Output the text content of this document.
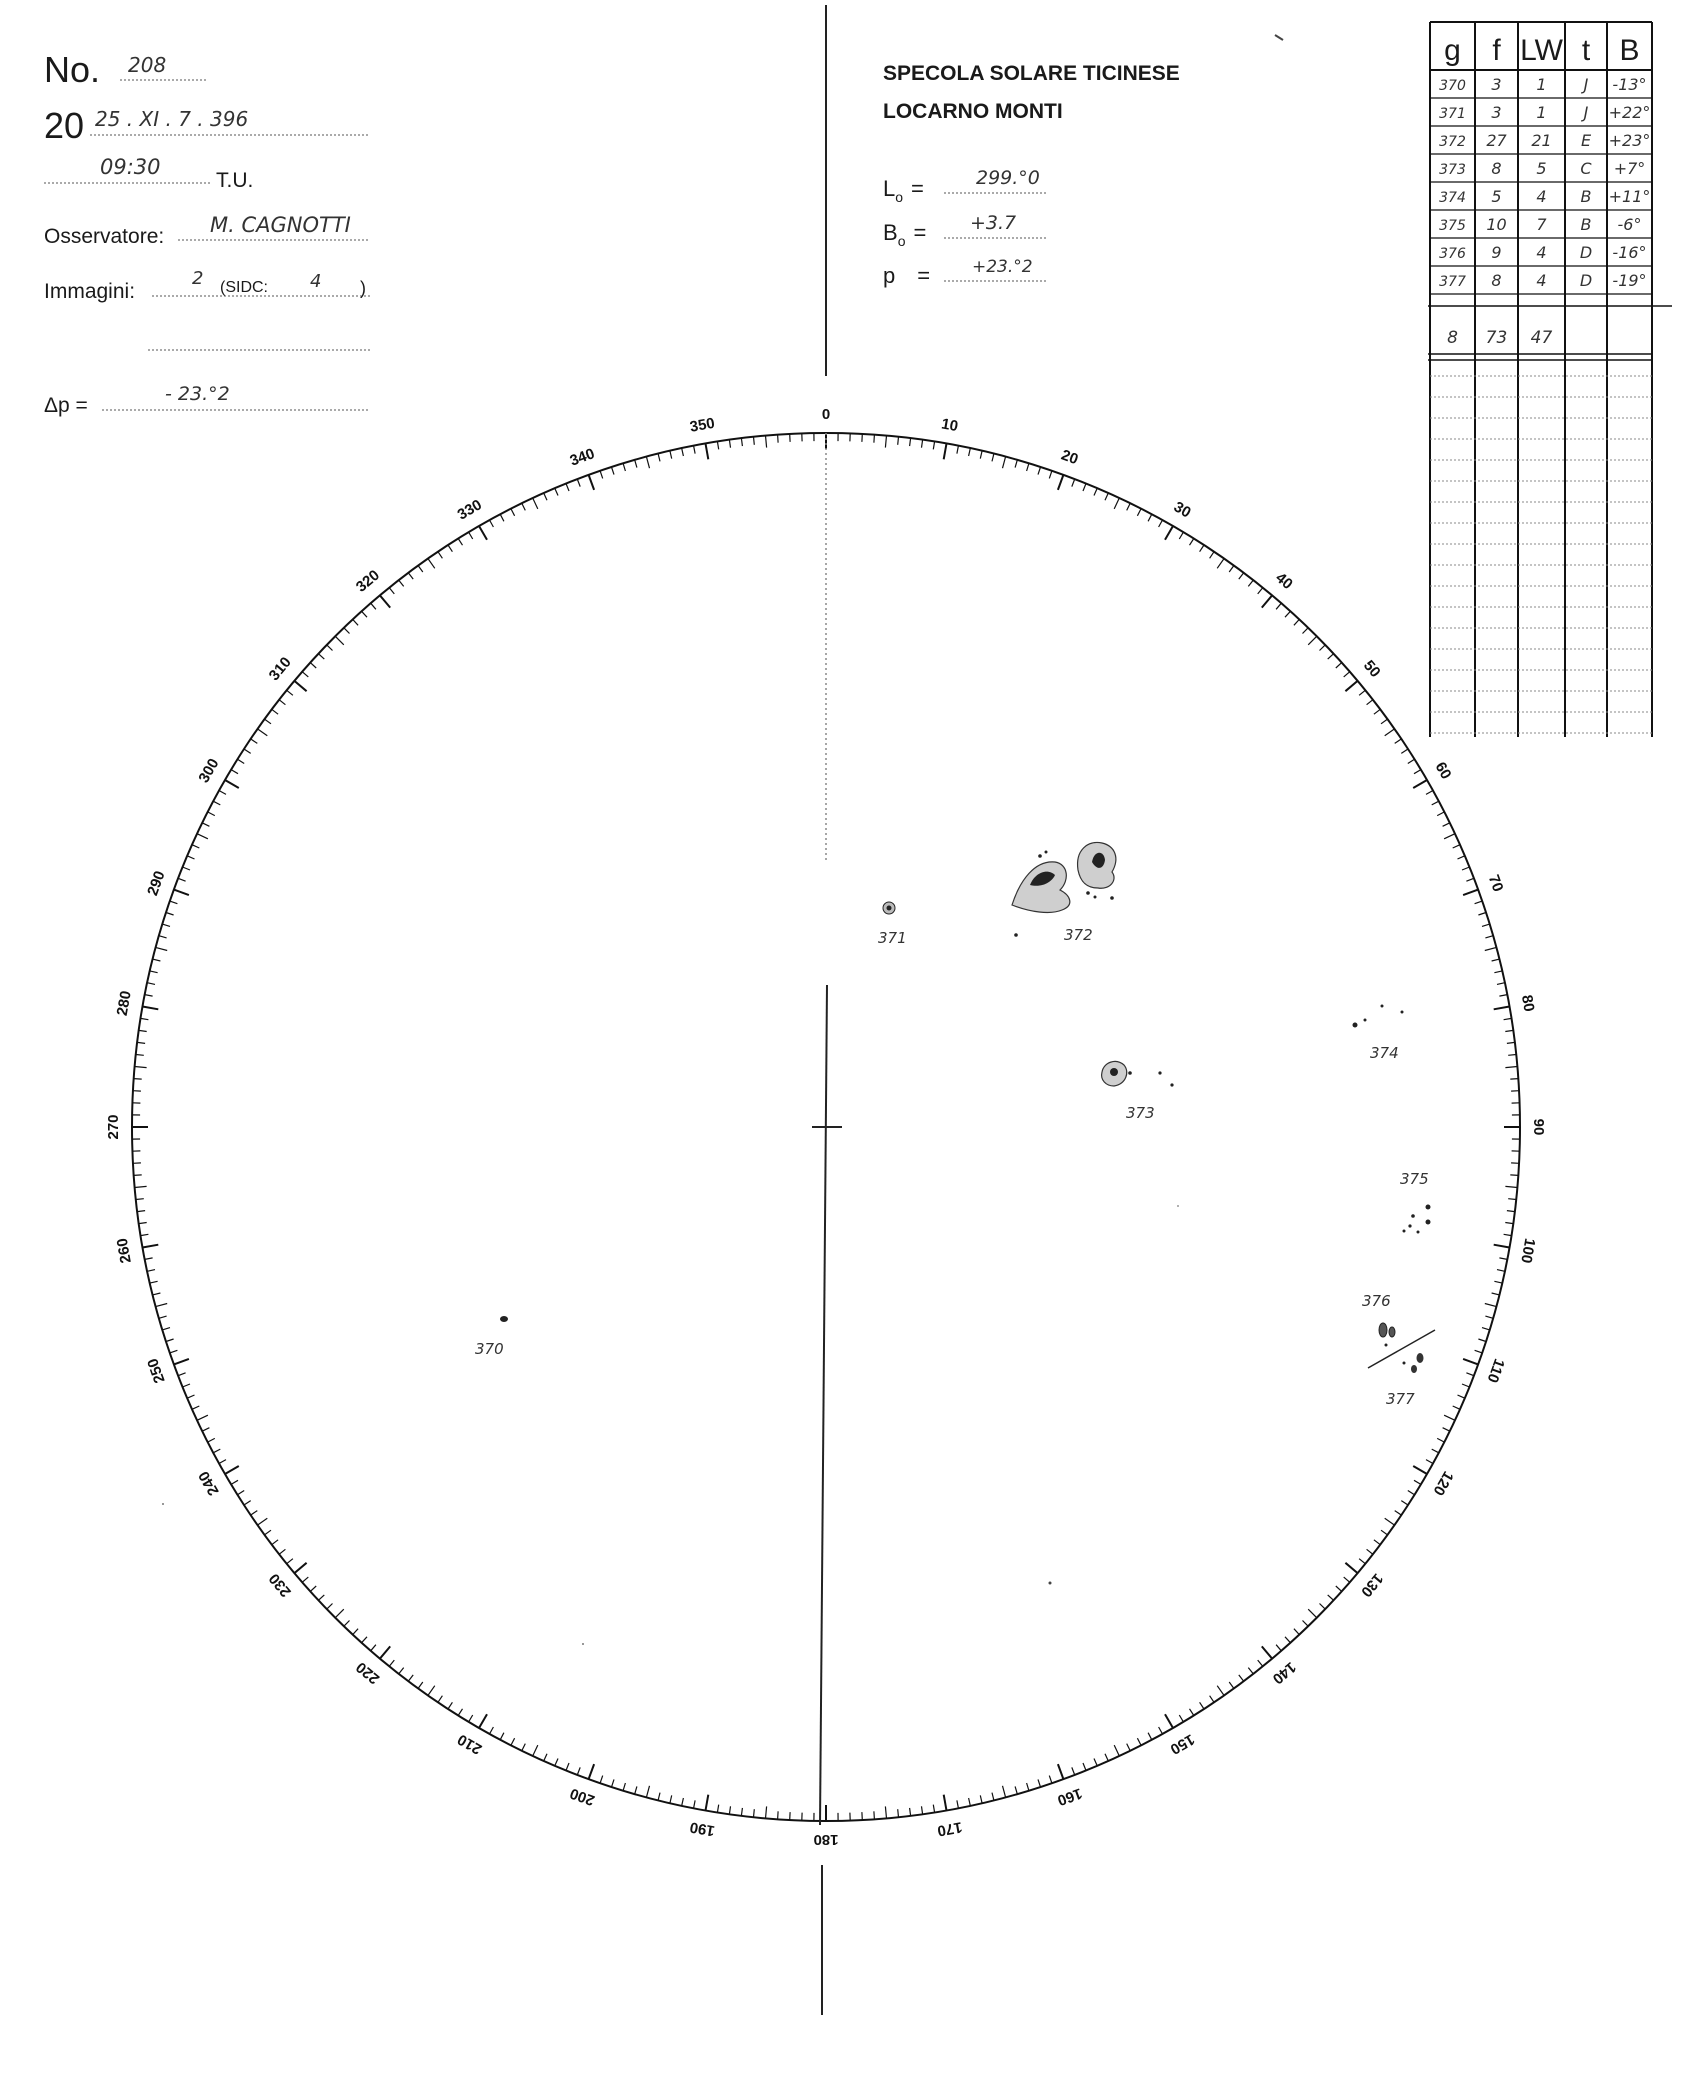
No. 208
20 25 . XI . 7 . 396
09:30
T.U.
Osservatore: M. CAGNOTTI
Immagini:
2 (SIDC: 4 )
Δp =	- 23.°2
SPECOLA SOLARE TICINESE
LOCARNO MONTI
$L_o$ =	299.°0
$B_o = +3.7$
p = +23.°2
g f LW t B
370 3 1 J -13°
371 3 1 J +22°
372 27 21 E +23°
373 8 5 C +7°
374 5 4 B +11°
375 10 7 B -6°
376 9 4 D -16°
377 8 4 D -19°
8 73 47
0
10
20
30
40
50
60
70
80
90
100
110
120
130
140
150
160
170
180
190
200
210
220
230
240
250
260
270
280
290
300
310
320
330
340
350
371	372
373
374
375
376
377
370
